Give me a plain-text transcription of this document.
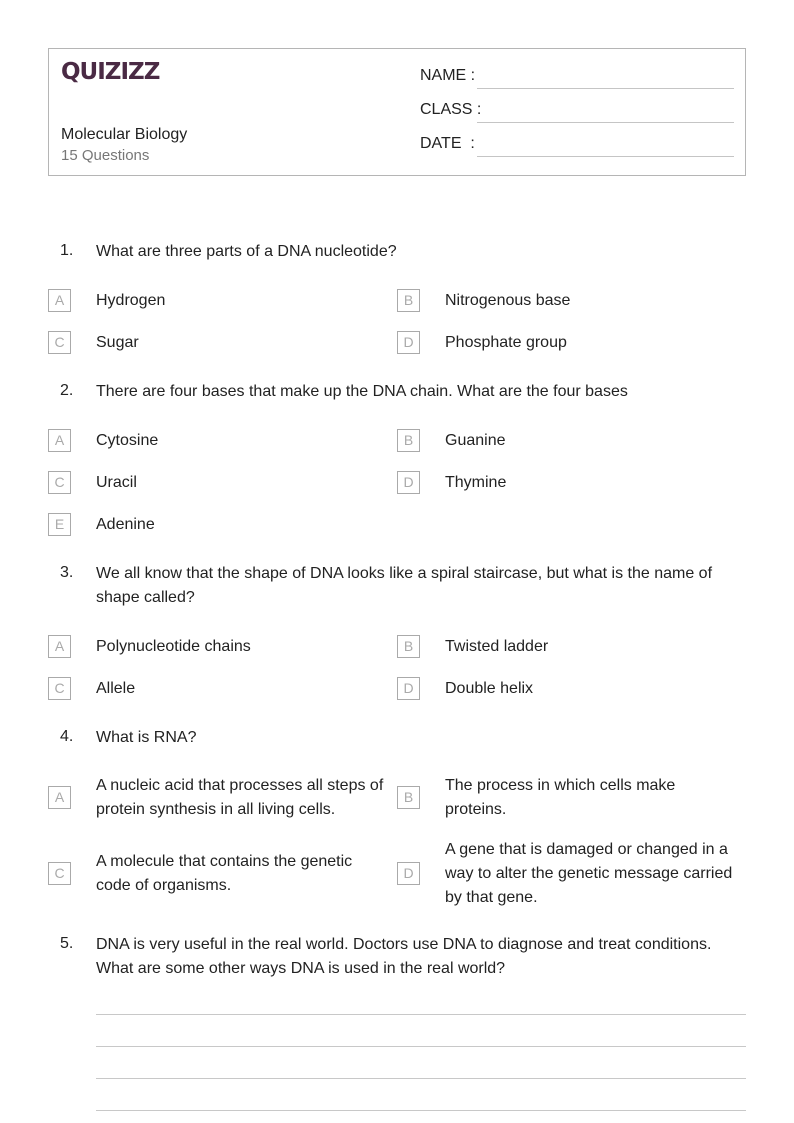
QUIZIZZ
Molecular Biology
15 Questions
NAME :
CLASS :
DATE  :
1. What are three parts of a DNA nucleotide?
A	Hydrogen	B	Nitrogenous base
C	Sugar	D	Phosphate group
2. There are four bases that make up the DNA chain. What are the four bases
A	Cytosine	B	Guanine
C	Uracil	D	Thymine
E	Adenine
3. We all know that the shape of DNA looks like a spiral staircase, but what is the name of shape called?
A	Polynucleotide chains	B	Twisted ladder
C	Allele	D	Double helix
4. What is RNA?
A
A nucleic acid that processes all steps of protein synthesis in all living cells.
B
The process in which cells make proteins.
C
A molecule that contains the genetic code of organisms.
D
A gene that is damaged or changed in a way to alter the genetic message carried by that gene.
5. DNA is very useful in the real world. Doctors use DNA to diagnose and treat conditions. What are some other ways DNA is used in the real world?
